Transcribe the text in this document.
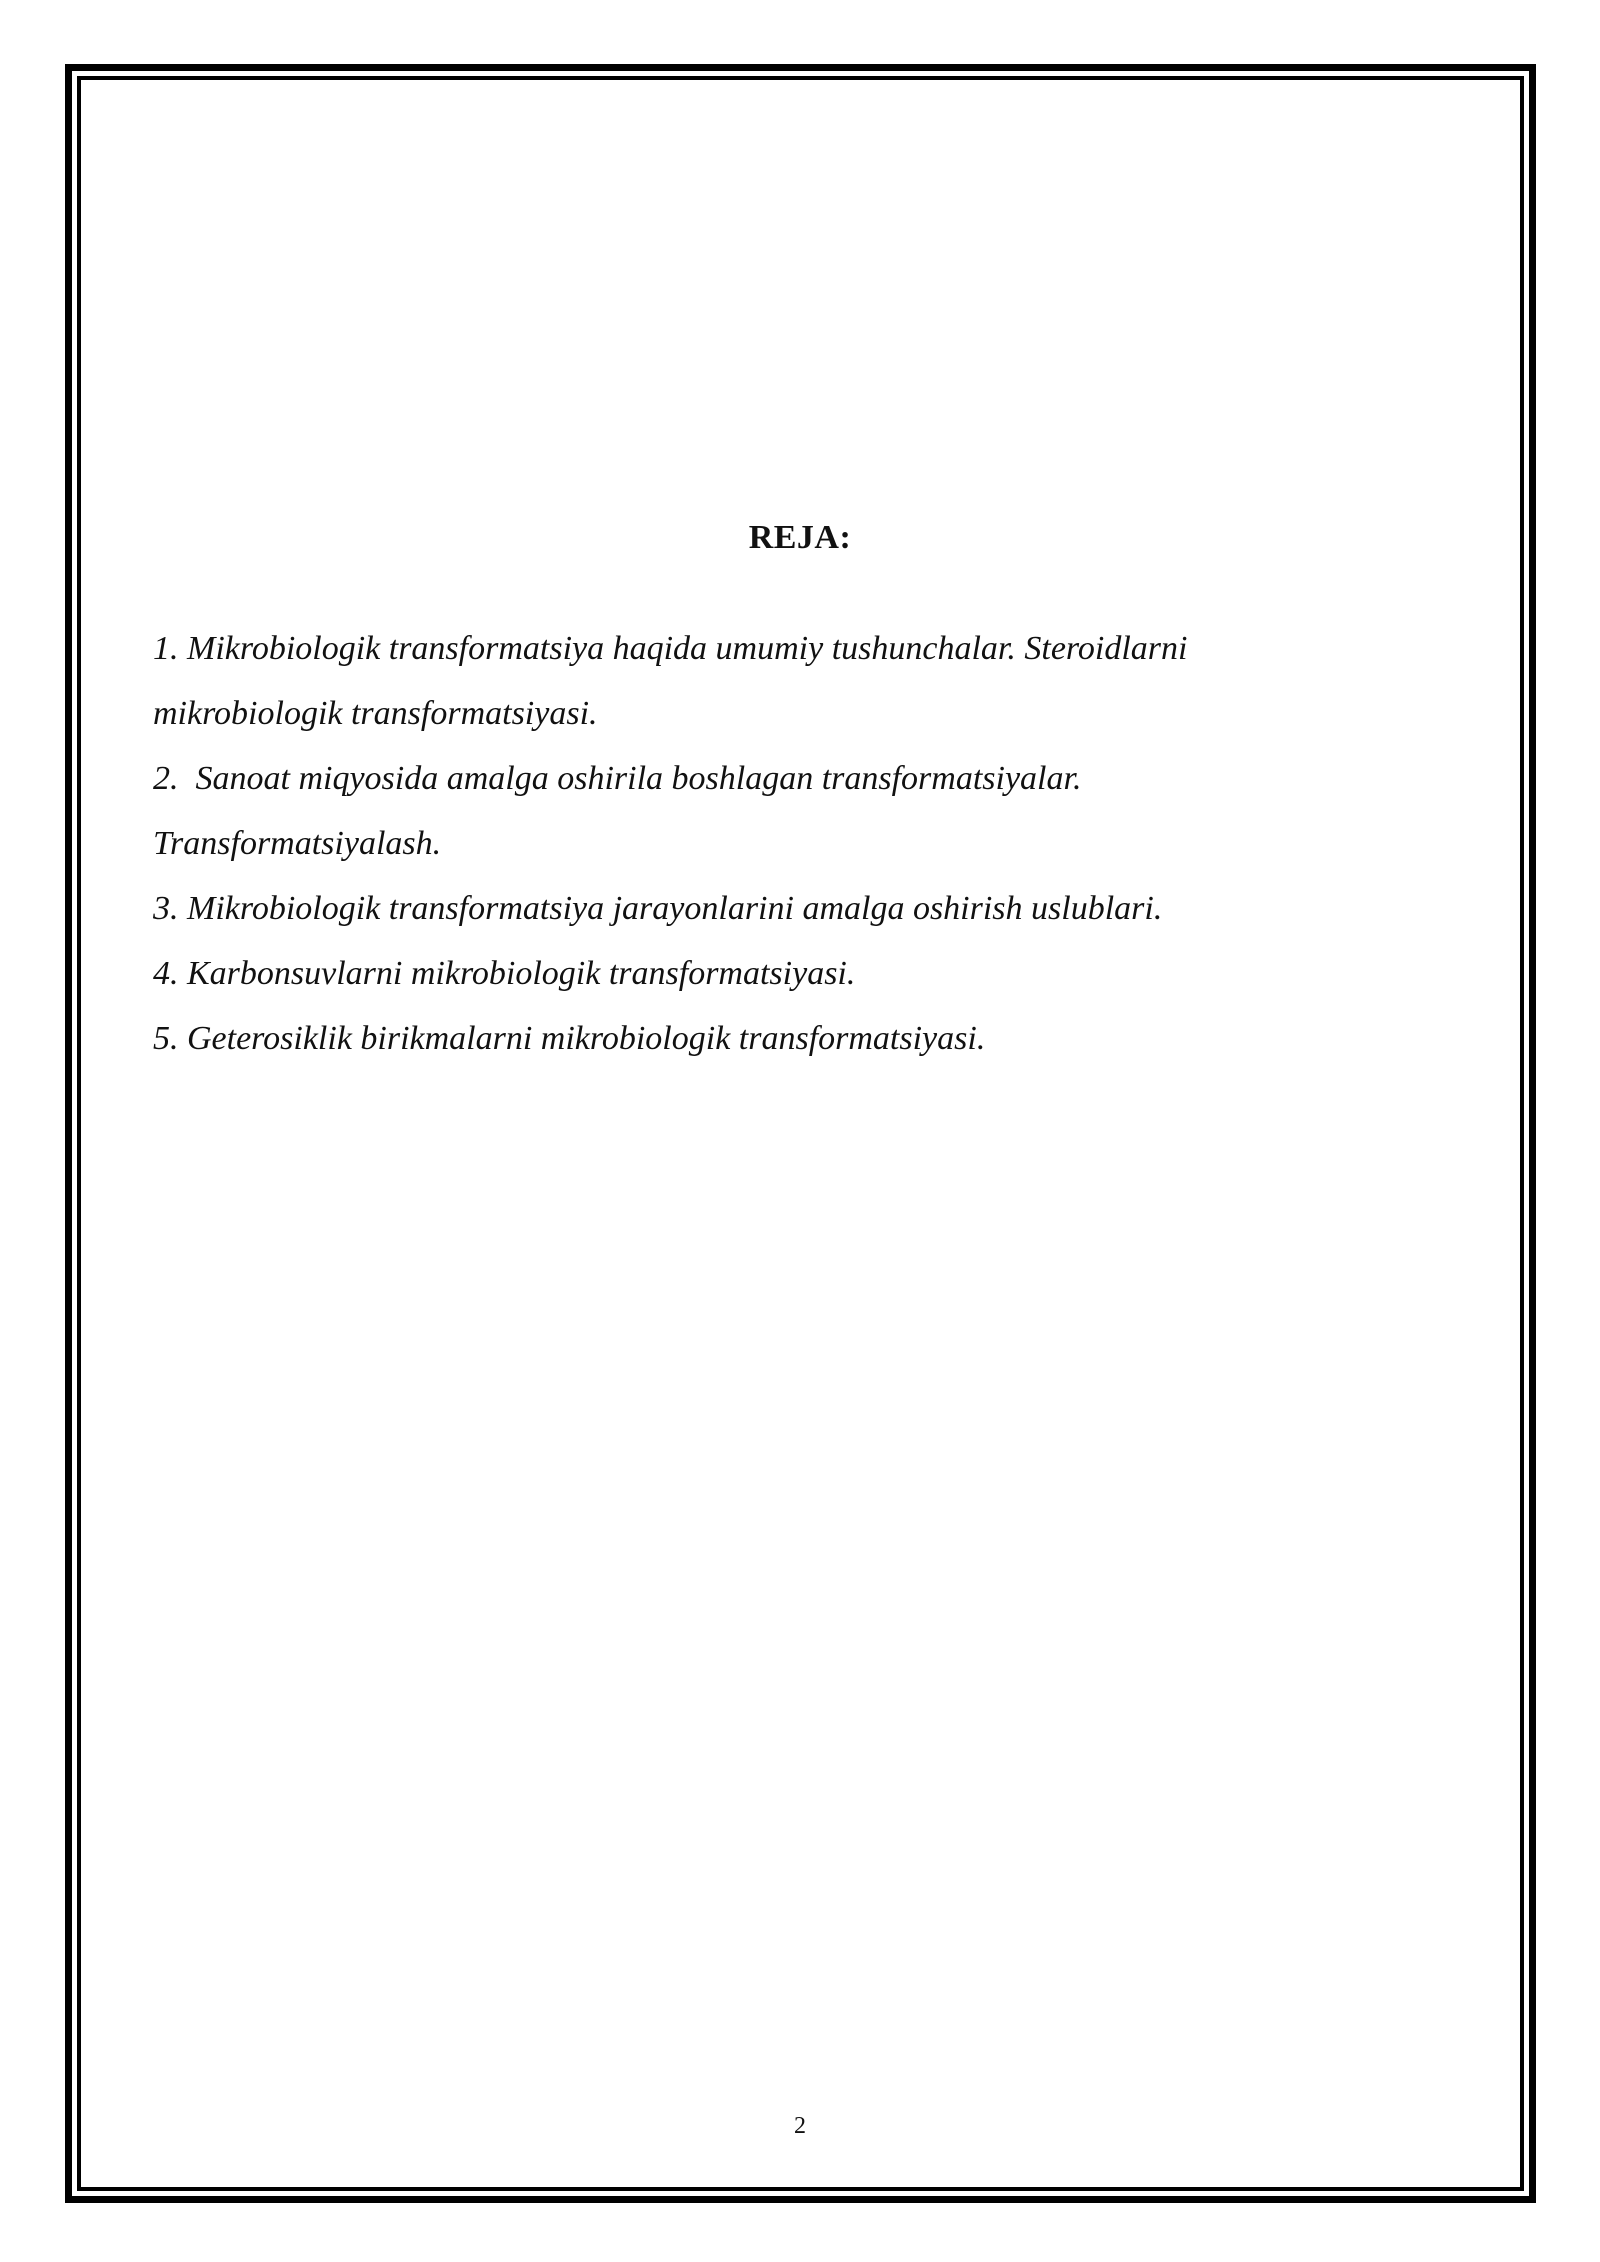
REJA:
1. Mikrobiologik transformatsiya haqida umumiy tushunchalar. Steroidlarni
mikrobiologik transformatsiyasi.
2.  Sanoat miqyosida amalga oshirila boshlagan transformatsiyalar.
Transformatsiyalash.
3. Mikrobiologik transformatsiya jarayonlarini amalga oshirish uslublari.
4. Karbonsuvlarni mikrobiologik transformatsiyasi.
5. Geterosiklik birikmalarni mikrobiologik transformatsiyasi.
2
